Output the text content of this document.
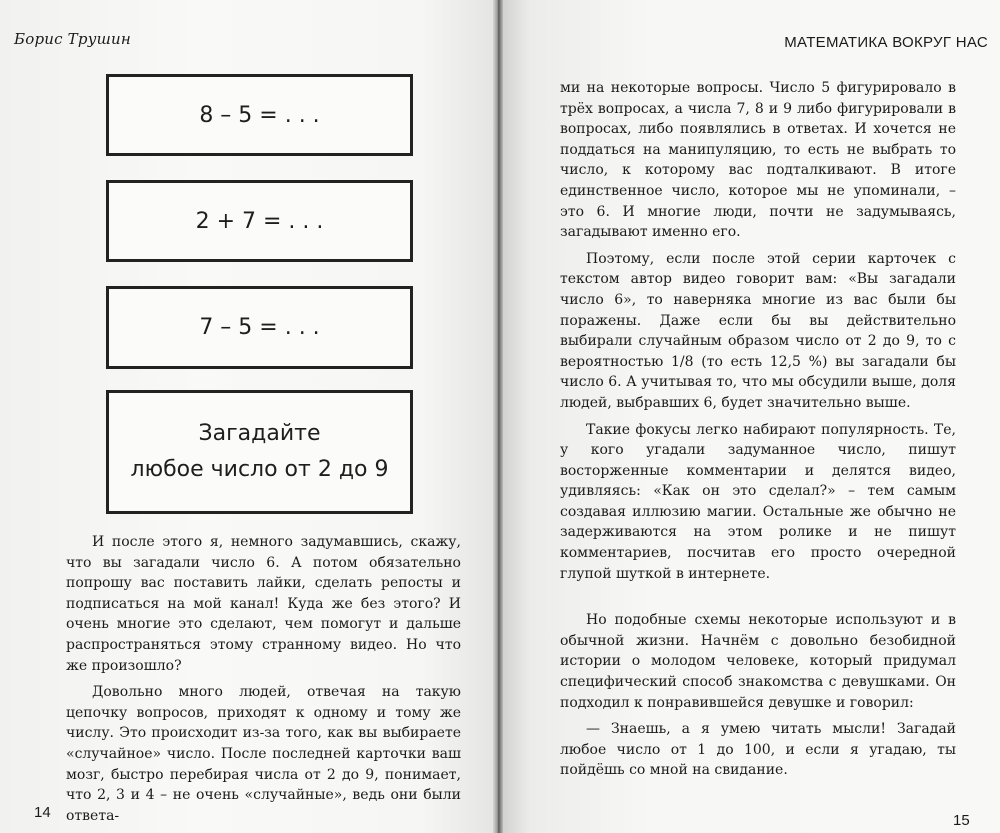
Борис Трушин	МАТЕМАТИКА ВОКРУГ НАС
8 – 5 = . . .
2 + 7 = . . .
7 – 5 = . . .
Загадайте
любое число от 2 до 9

И после этого я, немного задумавшись, скажу, что вы загадали число 6. А потом обязательно попрошу вас поставить лайки, сделать репосты и подписаться на мой канал! Куда же без этого? И очень многие это сделают, чем помогут и дальше распространяться этому странному видео. Но что же произошло?

Довольно много людей, отвечая на такую цепочку вопросов, приходят к одному и тому же числу. Это происходит из-за того, как вы выбираете «случайное» число. После последней карточки ваш мозг, быстро перебирая числа от 2 до 9, понимает, что 2, 3 и 4 – не очень «случайные», ведь они были ответа-

ми на некоторые вопросы. Число 5 фигурировало в трёх вопросах, а числа 7, 8 и 9 либо фигурировали в вопросах, либо появлялись в ответах. И хочется не поддаться на манипуляцию, то есть не выбрать то число, к которому вас подталкивают. В итоге единственное число, которое мы не упоминали, – это 6. И многие люди, почти не задумываясь, загадывают именно его.

Поэтому, если после этой серии карточек с текстом автор видео говорит вам: «Вы загадали число 6», то наверняка многие из вас были бы поражены. Даже если бы вы действительно выбирали случайным образом число от 2 до 9, то с вероятностью 1/8 (то есть 12,5 %) вы загадали бы число 6. А учитывая то, что мы обсудили выше, доля людей, выбравших 6, будет значительно выше.

Такие фокусы легко набирают популярность. Те, у кого угадали задуманное число, пишут восторженные комментарии и делятся видео, удивляясь: «Как он это сделал?» – тем самым создавая иллюзию магии. Остальные же обычно не задерживаются на этом ролике и не пишут комментариев, посчитав его просто очередной глупой шуткой в интернете.

Но подобные схемы некоторые используют и в обычной жизни. Начнём с довольно безобидной истории о молодом человеке, который придумал специфический способ знакомства с девушками. Он подходил к понравившейся девушке и говорил:

— Знаешь, а я умею читать мысли! Загадай любое число от 1 до 100, и если я угадаю, ты пойдёшь со мной на свидание.

14	15
